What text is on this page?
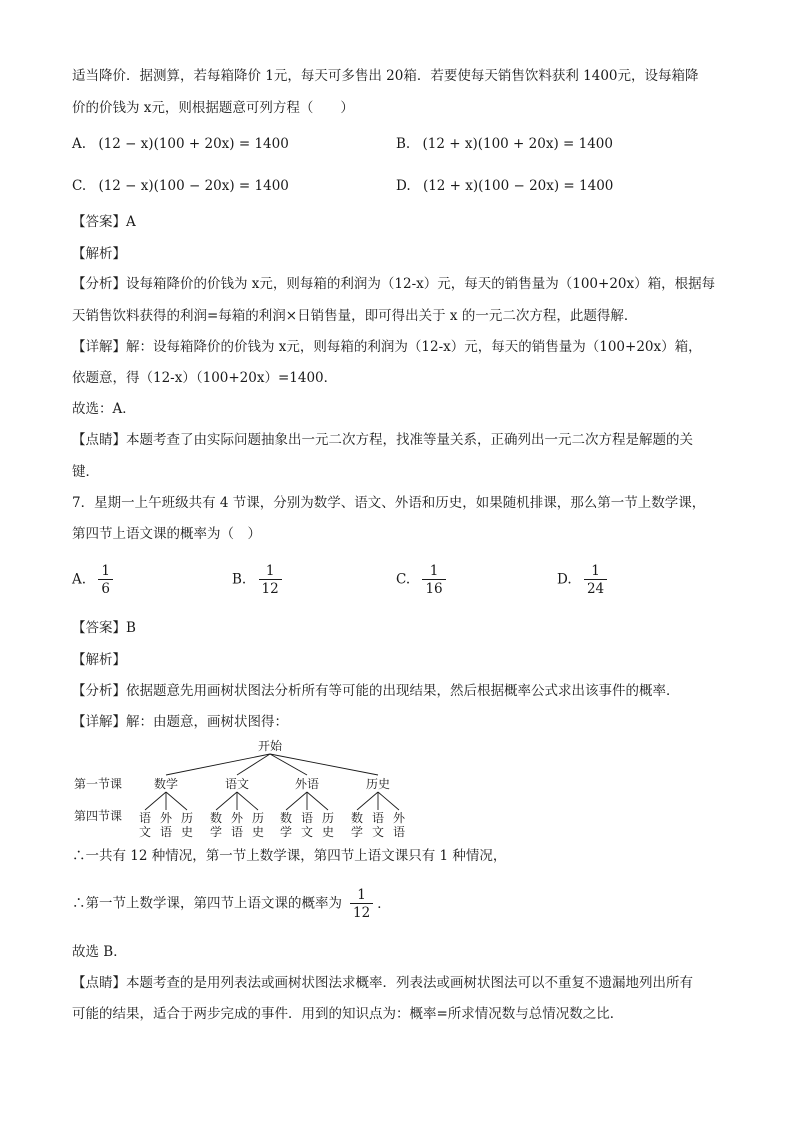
适当降价．据测算，若每箱降价 1元，每天可多售出 20箱．若要使每天销售饮料获利 1400元，设每箱降
价的价钱为 x元，则根据题意可列方程（　　）
A. (12 − x)(100 + 20x) = 1400	B. (12 + x)(100 + 20x) = 1400
C. (12 − x)(100 − 20x) = 1400	D. (12 + x)(100 − 20x) = 1400
【答案】A
【解析】
【分析】设每箱降价的价钱为 x元，则每箱的利润为（12-x）元，每天的销售量为（100+20x）箱，根据每
天销售饮料获得的利润=每箱的利润×日销售量，即可得出关于 x 的一元二次方程，此题得解．
【详解】解：设每箱降价的价钱为 x元，则每箱的利润为（12-x）元，每天的销售量为（100+20x）箱，
依题意，得（12-x）（100+20x）=1400．
故选：A．
【点睛】本题考查了由实际问题抽象出一元二次方程，找准等量关系，正确列出一元二次方程是解题的关
键．
7．星期一上午班级共有 4 节课，分别为数学、语文、外语和历史，如果随机排课，那么第一节上数学课，
第四节上语文课的概率为（　）
A. $\frac{1}{6}$	B. $\frac{1}{12}$	C. $\frac{1}{16}$	D. $\frac{1}{24}$
【答案】B
【解析】
【分析】依据题意先用画树状图法分析所有等可能的出现结果，然后根据概率公式求出该事件的概率．
【详解】解：由题意，画树状图得：
开始
第一节课
第四节课
数学
语
文
外
语
历
史
语文
数
学
外
语
历
史
外语
数
学
语
文
历
史
历史
数
学
语
文
外
语
∴一共有 12 种情况，第一节上数学课，第四节上语文课只有 1 种情况，
∴第一节上数学课，第四节上语文课的概率为 $\frac{1}{12}$ ．
故选 B．
【点睛】本题考查的是用列表法或画树状图法求概率．列表法或画树状图法可以不重复不遗漏地列出所有
可能的结果，适合于两步完成的事件．用到的知识点为：概率=所求情况数与总情况数之比．
